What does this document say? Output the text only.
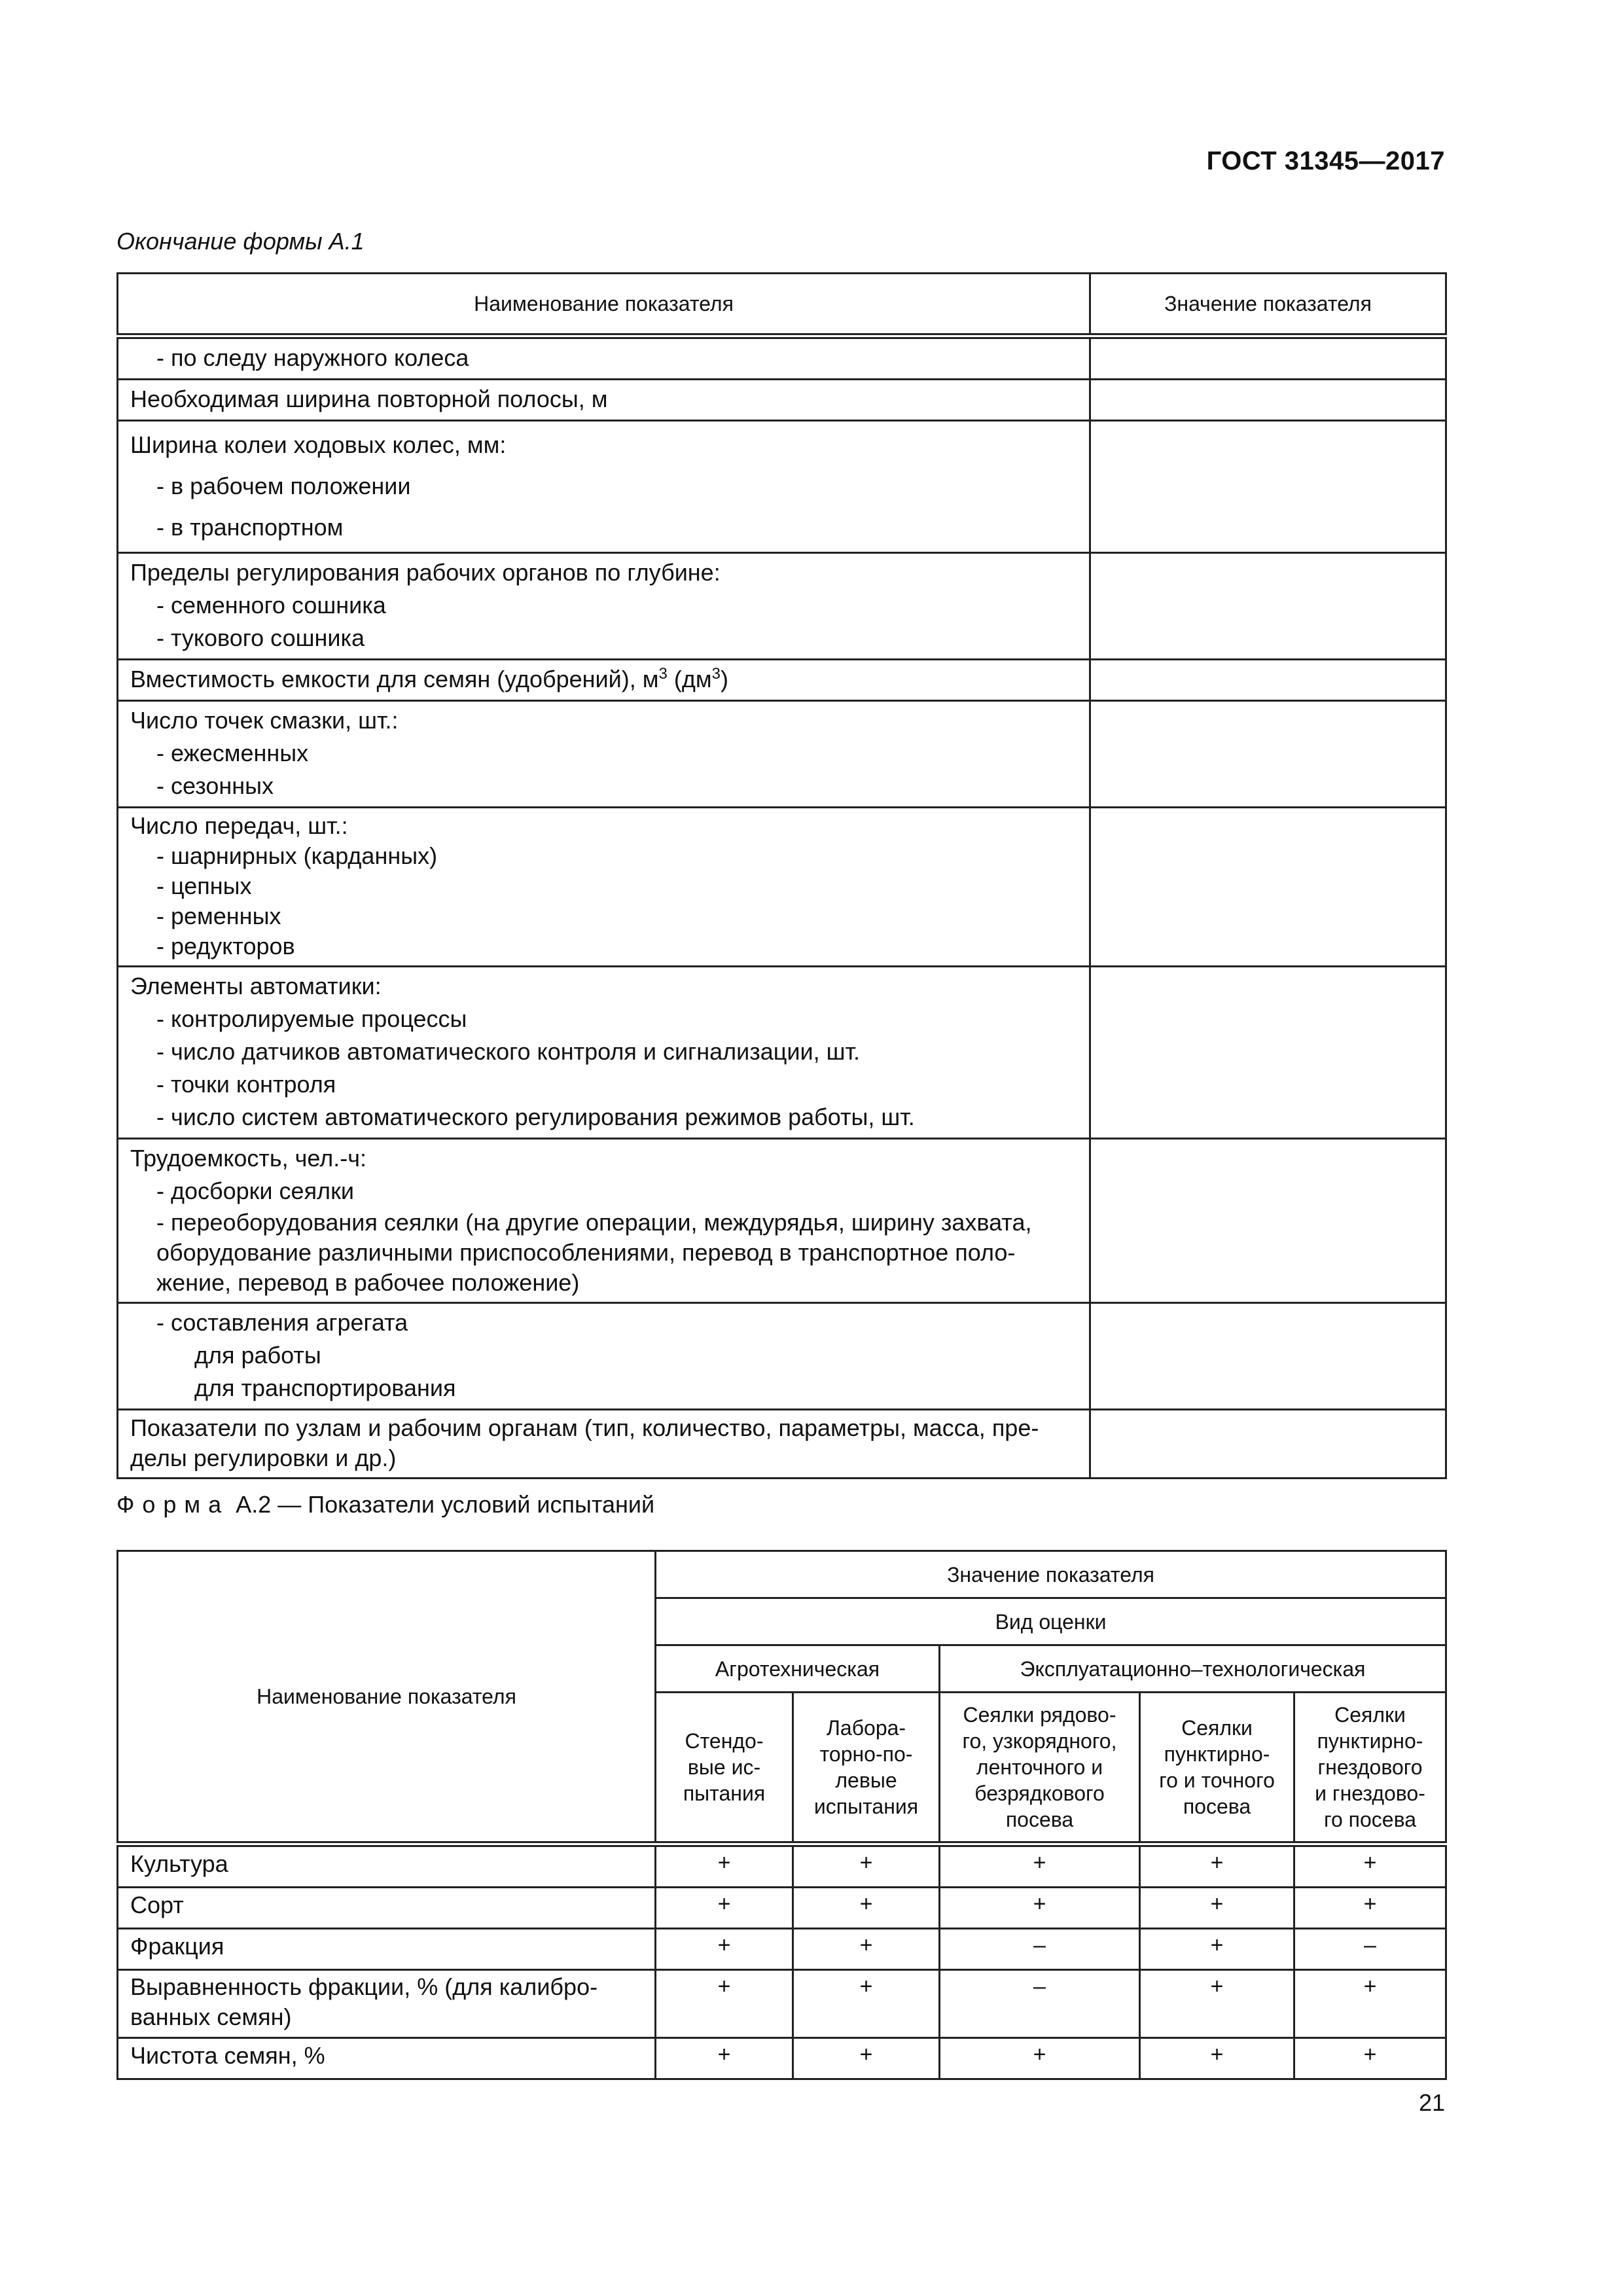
ГОСТ 31345—2017
Окончание формы А.1
Наименование показателя	Значение показателя

- по следу наружного колеса	

Необходимая ширина повторной полосы, м	

Ширина колеи ходовых колес, мм:
- в рабочем положении
- в транспортном	

Пределы регулирования рабочих органов по глубине:
- семенного сошника
- тукового сошника	

Вместимость емкости для семян (удобрений), $м^3$ $(дм^3)$	

Число точек смазки, шт.:
- ежесменных
- сезонных	

Число передач, шт.:
- шарнирных (карданных)
- цепных
- ременных
- редукторов	

Элементы автоматики:
- контролируемые процессы
- число датчиков автоматического контроля и сигнализации, шт.
- точки контроля
- число систем автоматического регулирования режимов работы, шт.	

Трудоемкость, чел.-ч:
- досборки сеялки
- переоборудования сеялки (на другие операции, междурядья, ширину захвата,
оборудование различными приспособлениями, перевод в транспортное поло-
жение, перевод в рабочее положение)	

- составления агрегата
для работы
для транспортирования	

Показатели по узлам и рабочим органам (тип, количество, параметры, масса, пре-
делы регулировки и др.)	

Форма А.2 — Показатели условий испытаний
Наименование показателя	Значение показателя				
	Вид оценки				
	Агротехническая		Эксплуатационно–технологическая		

	Стендо-
вые ис-
пытания	Лабора-
торно-по-
левые
испытания	Сеялки рядово-
го, узкорядного,
ленточного и
безрядкового
посева	Сеялки
пунктирно-
го и точного
посева	Сеялки
пунктирно-
гнездового
и гнездово-
го посева

Культура	+	+	+	+	+
Сорт	+	+	+	+	+
Фракция	+	+	–	+	–

Выравненность фракции, % (для калибро-
ванных семян)	+	+	–	+	+
Чистота семян, %	+	+	+	+	+
21
